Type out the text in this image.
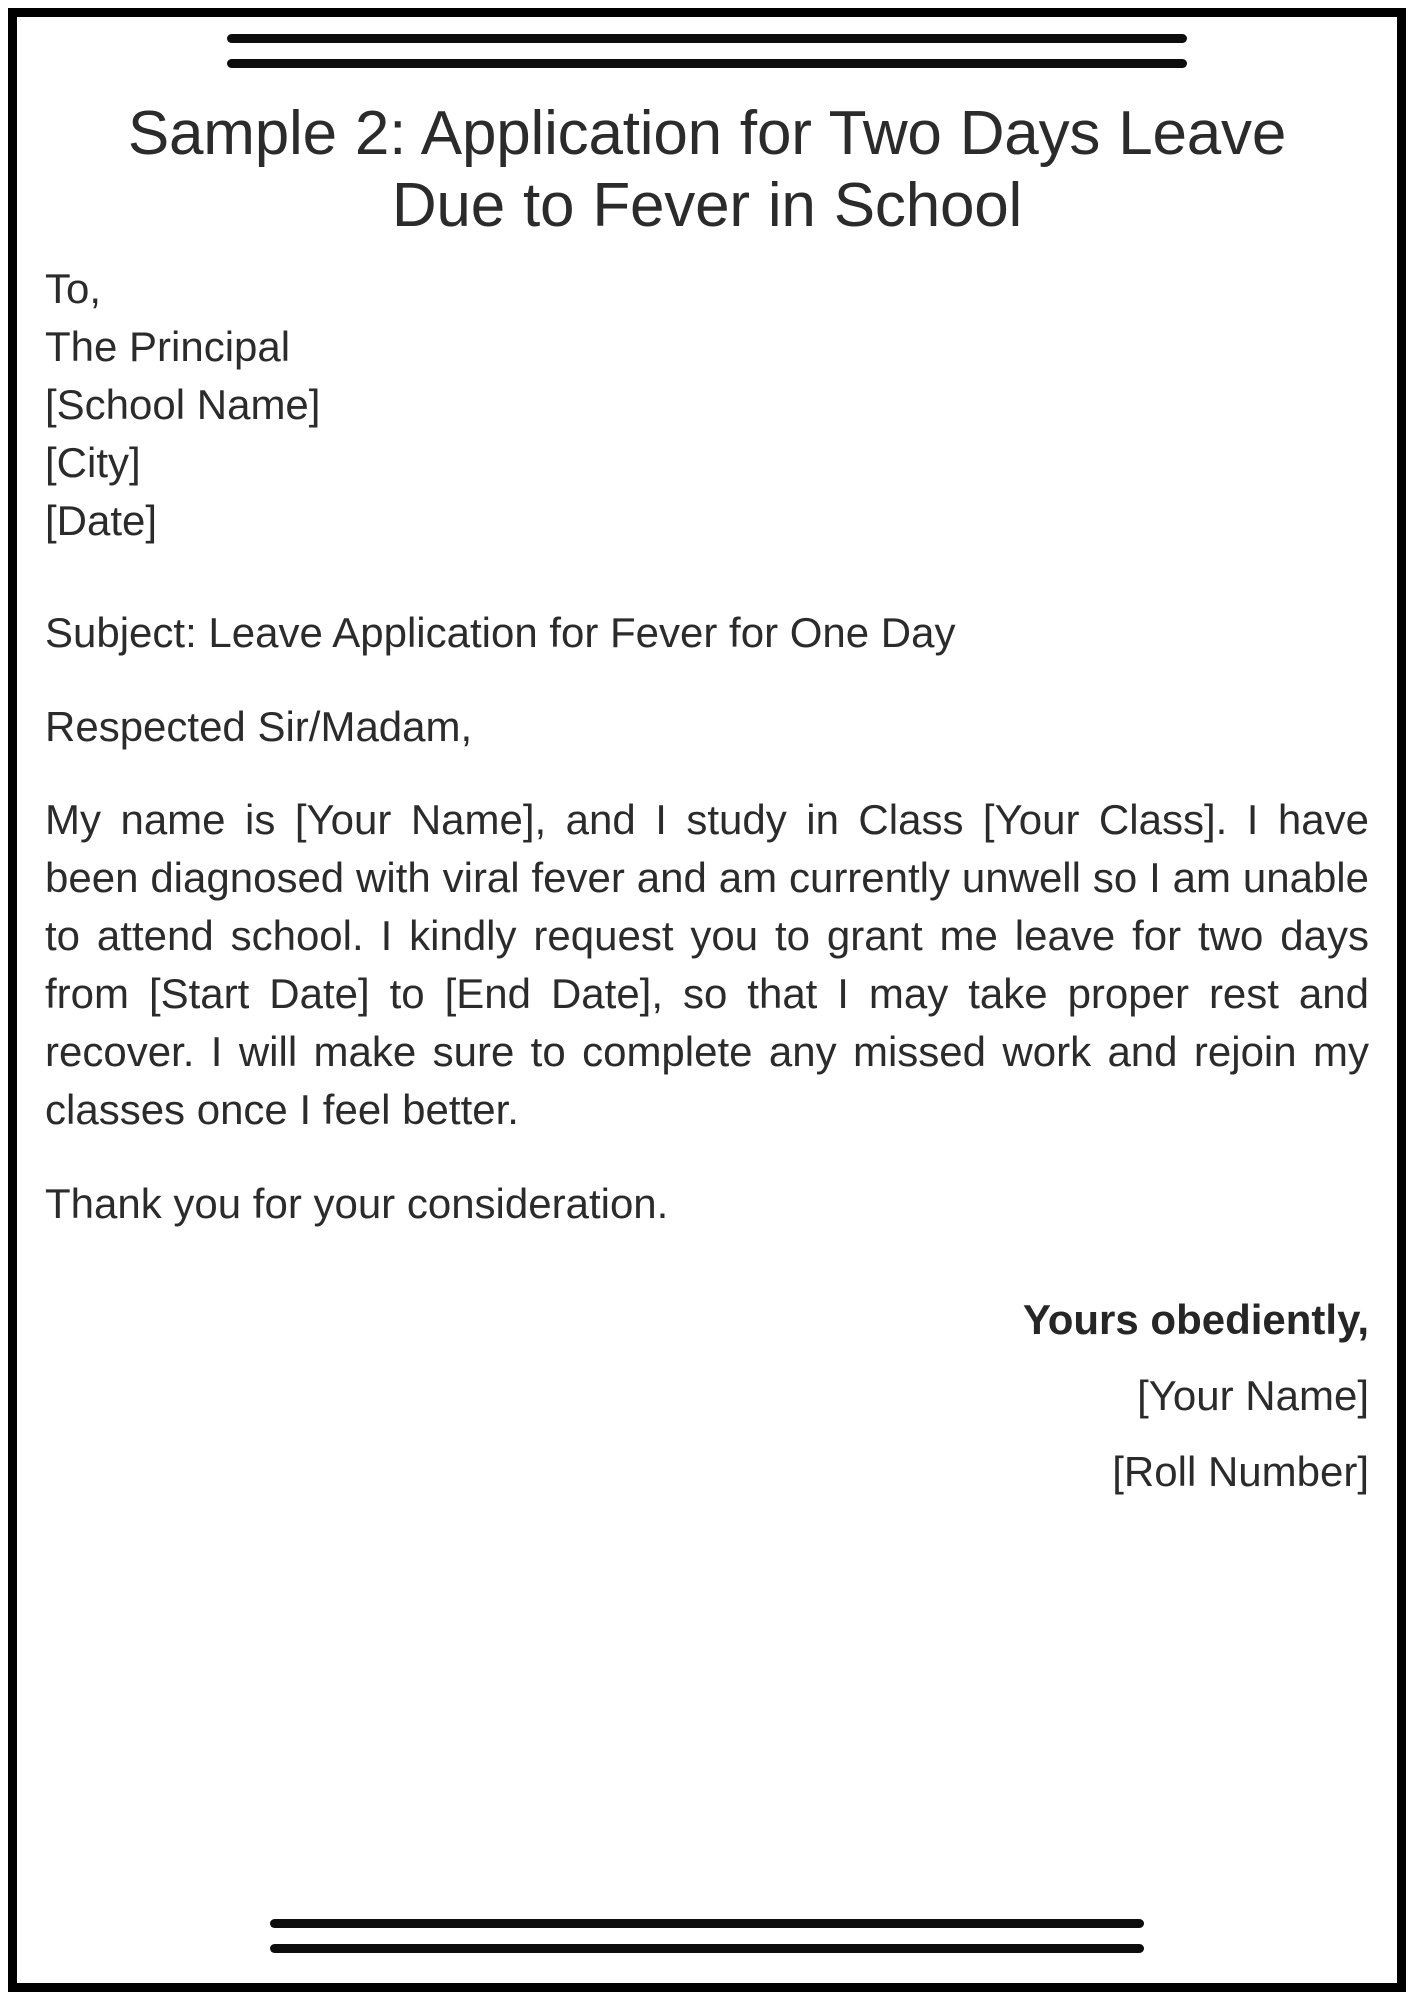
Sample 2: Application for Two Days Leave Due to Fever in School
To,
The Principal
[School Name]
[City]
[Date]
Subject: Leave Application for Fever for One Day
Respected Sir/Madam,
My name is [Your Name], and I study in Class [Your Class]. I have been diagnosed with viral fever and am currently unwell so I am unable to attend school. I kindly request you to grant me leave for two days from [Start Date] to [End Date], so that I may take proper rest and recover. I will make sure to complete any missed work and rejoin my classes once I feel better.
Thank you for your consideration.
Yours obediently,
[Your Name]
[Roll Number]
